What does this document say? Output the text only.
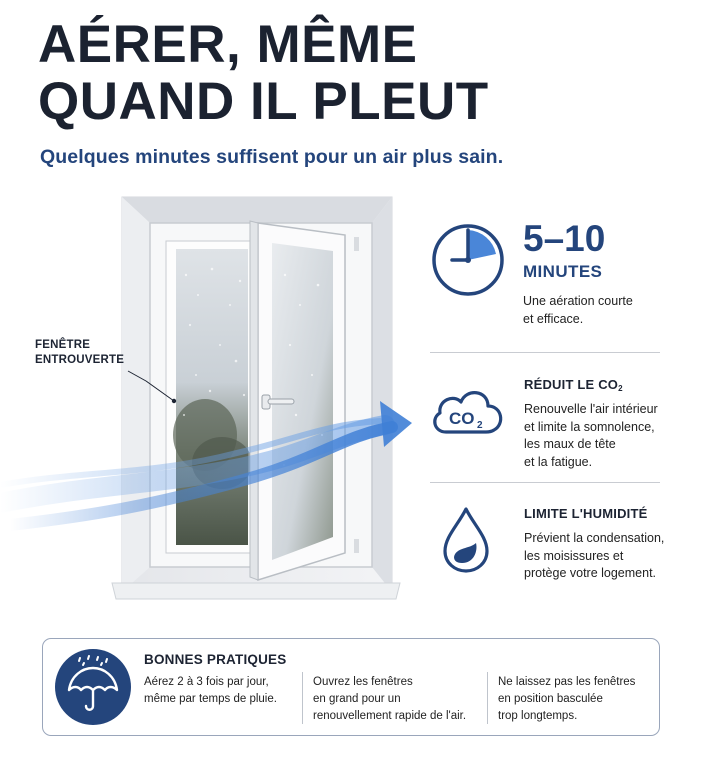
AÉRER, MÊME
QUAND IL PLEUT
Quelques minutes suffisent pour un air plus sain.
FENÊTRE
ENTROUVERTE
5–10
MINUTES
Une aération courte
et efficace.
CO 2
RÉDUIT LE $CO_2$
Renouvelle l'air intérieur
et limite la somnolence,
les maux de tête
et la fatigue.
LIMITE L'HUMIDITÉ
Prévient la condensation,
les moisissures et
protège votre logement.
BONNES PRATIQUES
Aérez 2 à 3 fois par jour,
même par temps de pluie.
Ouvrez les fenêtres
en grand pour un
renouvellement rapide de l'air.
Ne laissez pas les fenêtres
en position basculée
trop longtemps.
